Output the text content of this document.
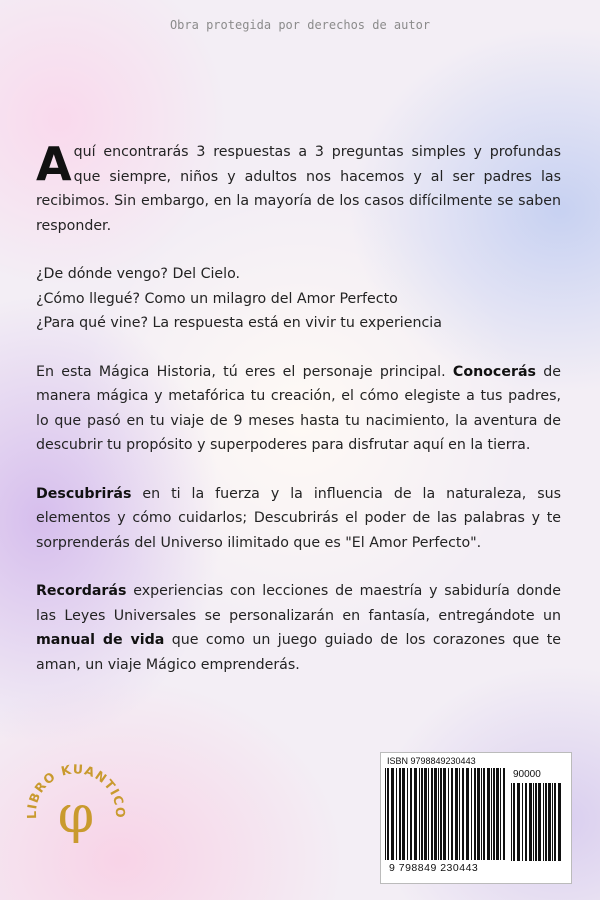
Obra protegida por derechos de autor

Aquí encontrarás 3 respuestas a 3 preguntas simples y profundas que siempre, niños y adultos nos hacemos y al ser padres las recibimos. Sin embargo, en la mayoría de los casos difícilmente se saben responder.

¿De dónde vengo? Del Cielo.
¿Cómo llegué? Como un milagro del Amor Perfecto
¿Para qué vine? La respuesta está en vivir tu experiencia

En esta Mágica Historia, tú eres el personaje principal. Conocerás de manera mágica y metafórica tu creación, el cómo elegiste a tus padres, lo que pasó en tu viaje de 9 meses hasta tu nacimiento, la aventura de descubrir tu propósito y superpoderes para disfrutar aquí en la tierra.

Descubrirás en ti la fuerza y la influencia de la naturaleza, sus elementos y cómo cuidarlos; Descubrirás el poder de las palabras y te sorprenderás del Universo ilimitado que es "El Amor Perfecto".

Recordarás experiencias con lecciones de maestría y sabiduría donde las Leyes Universales se personalizarán en fantasía, entregándote un manual de vida que como un juego guiado de los corazones que te aman, un viaje Mágico emprenderás.

LIBRO KUANTICO
φ
ISBN 9798849230443
90000
9 798849 230443
